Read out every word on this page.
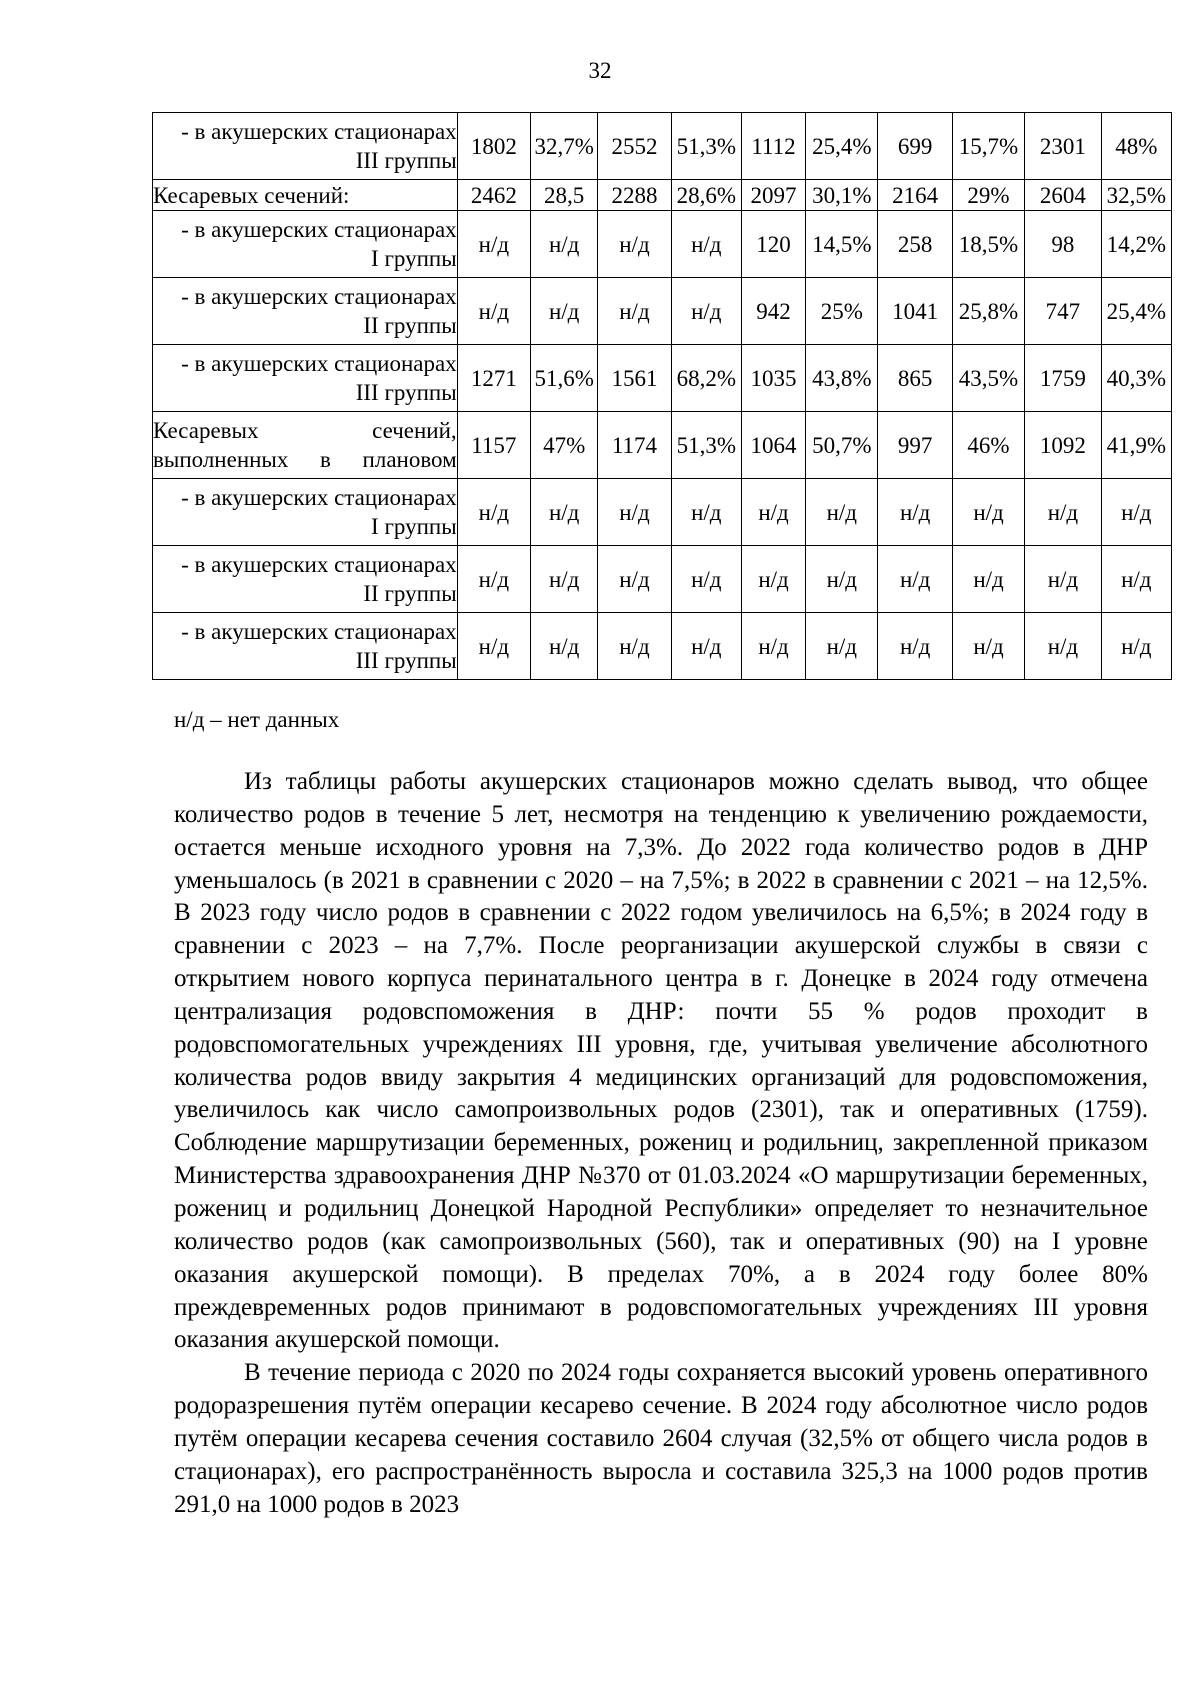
32
- в акушерских стационарах
III группы	1802	32,7%	2552	51,3%	1112	25,4%	699	15,7%	2301	48%
Кесаревых сечений:	2462	28,5	2288	28,6%	2097	30,1%	2164	29%	2604	32,5%

- в акушерских стационарах
I группы	н/д	н/д	н/д	н/д	120	14,5%	258	18,5%	98	14,2%

- в акушерских стационарах
II группы	н/д	н/д	н/д	н/д	942	25%	1041	25,8%	747	25,4%

- в акушерских стационарах
III группы	1271	51,6%	1561	68,2%	1035	43,8%	865	43,5%	1759	40,3%

Кесаревых сечений,
выполненных в плановом	1157	47%	1174	51,3%	1064	50,7%	997	46%	1092	41,9%

- в акушерских стационарах
I группы	н/д	н/д	н/д	н/д	н/д	н/д	н/д	н/д	н/д	н/д

- в акушерских стационарах
II группы	н/д	н/д	н/д	н/д	н/д	н/д	н/д	н/д	н/д	н/д

- в акушерских стационарах
III группы	н/д	н/д	н/д	н/д	н/д	н/д	н/д	н/д	н/д	н/д
н/д – нет данных

Из таблицы работы акушерских стационаров можно сделать вывод, что общее количество родов в течение 5 лет, несмотря на тенденцию к увеличению рождаемости, остается меньше исходного уровня на 7,3%. До 2022 года количество родов в ДНР уменьшалось (в 2021 в сравнении с 2020 – на 7,5%; в 2022 в сравнении с 2021 – на 12,5%. В 2023 году число родов в сравнении с 2022 годом увеличилось на 6,5%; в 2024 году в сравнении с 2023 – на 7,7%. После реорганизации акушерской службы в связи с открытием нового корпуса перинатального центра в г. Донецке в 2024 году отмечена централизация родовспоможения в ДНР: почти 55 % родов проходит в родовспомогательных учреждениях III уровня, где, учитывая увеличение абсолютного количества родов ввиду закрытия 4 медицинских организаций для родовспоможения, увеличилось как число самопроизвольных родов (2301), так и оперативных (1759). Соблюдение маршрутизации беременных, рожениц и родильниц, закрепленной приказом Министерства здравоохранения ДНР №370 от 01.03.2024 «О маршрутизации беременных, рожениц и родильниц Донецкой Народной Республики» определяет то незначительное количество родов (как самопроизвольных (560), так и оперативных (90) на I уровне оказания акушерской помощи). В пределах 70%, а в 2024 году более 80% преждевременных родов принимают в родовспомогательных учреждениях III уровня оказания акушерской помощи.

В течение периода с 2020 по 2024 годы сохраняется высокий уровень оперативного родоразрешения путём операции кесарево сечение. В 2024 году абсолютное число родов путём операции кесарева сечения составило 2604 случая (32,5% от общего числа родов в стационарах), его распространённость выросла и составила 325,3 на 1000 родов против 291,0 на 1000 родов в 2023
